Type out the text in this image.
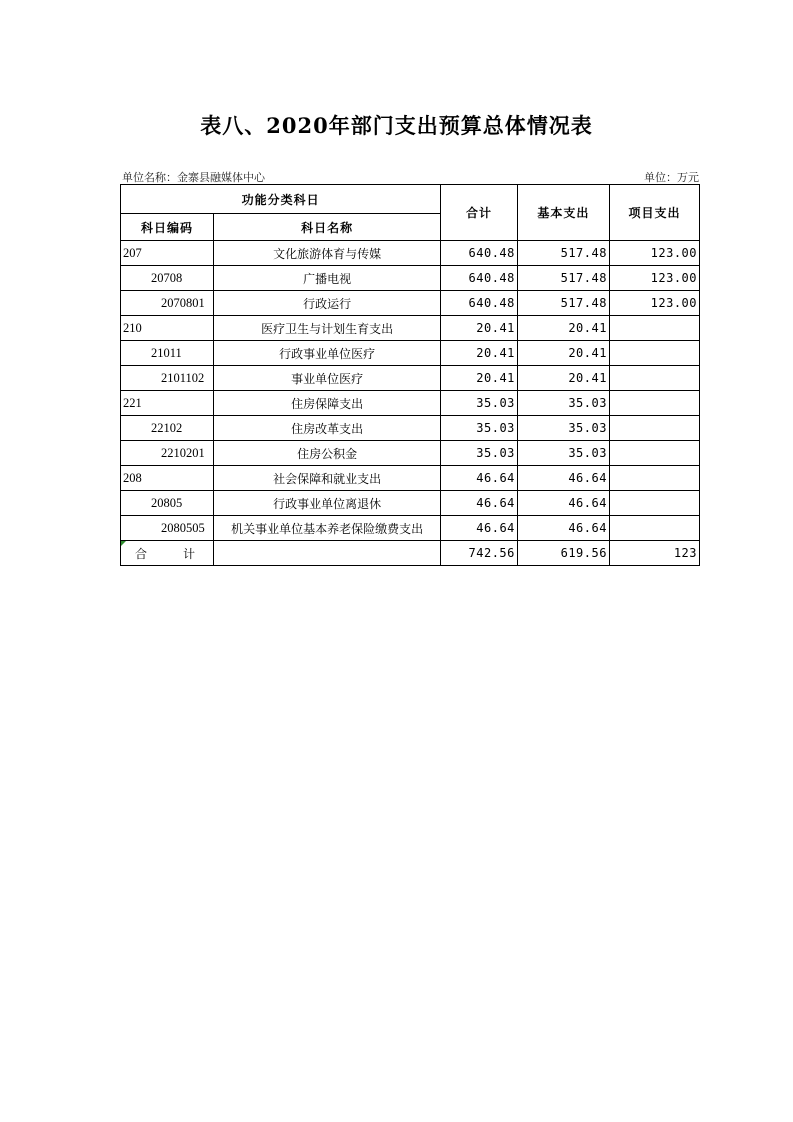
表八、2020年部门支出预算总体情况表
单位名称：金寨县融媒体中心	单位：万元
功能分类科日		合计	基本支出	项目支出
科日编码	科日名称			
207	文化旅游体育与传媒	640.48	517.48	123.00
20708	广播电视	640.48	517.48	123.00
2070801	行政运行	640.48	517.48	123.00
210	医疗卫生与计划生育支出	20.41	20.41	
21011	行政事业单位医疗	20.41	20.41	
2101102	事业单位医疗	20.41	20.41	
221	住房保障支出	35.03	35.03	
22102	住房改革支出	35.03	35.03	
2210201	住房公积金	35.03	35.03	
208	社会保障和就业支出	46.64	46.64	
20805	行政事业单位离退休	46.64	46.64	
2080505	机关事业单位基本养老保险缴费支出	46.64	46.64	

合计		742.56	619.56	123
